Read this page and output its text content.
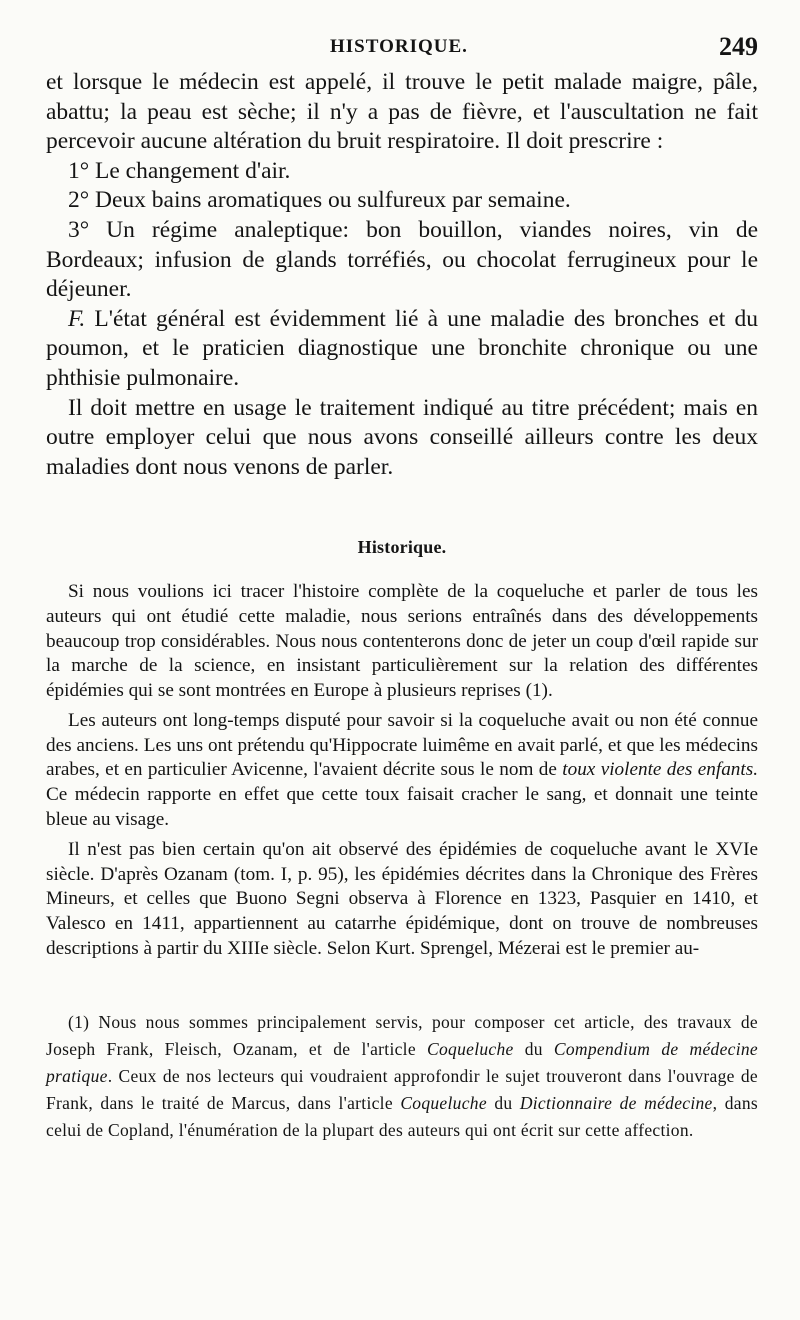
HISTORIQUE.	249

et lorsque le médecin est appelé, il trouve le petit malade maigre, pâle, abattu; la peau est sèche; il n'y a pas de fièvre, et l'auscultation ne fait percevoir aucune altération du bruit respiratoire. Il doit prescrire :

1° Le changement d'air.

2° Deux bains aromatiques ou sulfureux par semaine.

3° Un régime analeptique: bon bouillon, viandes noires, vin de Bordeaux; infusion de glands torréfiés, ou chocolat ferrugineux pour le déjeuner.

F. L'état général est évidemment lié à une maladie des bronches et du poumon, et le praticien diagnostique une bronchite chronique ou une phthisie pulmonaire.

Il doit mettre en usage le traitement indiqué au titre précédent; mais en outre employer celui que nous avons conseillé ailleurs contre les deux maladies dont nous venons de parler.

Historique.

Si nous voulions ici tracer l'histoire complète de la coqueluche et parler de tous les auteurs qui ont étudié cette maladie, nous serions entraînés dans des développements beaucoup trop considérables. Nous nous contenterons donc de jeter un coup d'œil rapide sur la marche de la science, en insistant particulièrement sur la relation des différentes épidémies qui se sont montrées en Europe à plusieurs reprises (1).

Les auteurs ont long-temps disputé pour savoir si la coqueluche avait ou non été connue des anciens. Les uns ont prétendu qu'Hippocrate luimême en avait parlé, et que les médecins arabes, et en particulier Avicenne, l'avaient décrite sous le nom de toux violente des enfants. Ce médecin rapporte en effet que cette toux faisait cracher le sang, et donnait une teinte bleue au visage.

Il n'est pas bien certain qu'on ait observé des épidémies de coqueluche avant le XVIe siècle. D'après Ozanam (tom. I, p. 95), les épidémies décrites dans la Chronique des Frères Mineurs, et celles que Buono Segni observa à Florence en 1323, Pasquier en 1410, et Valesco en 1411, appartiennent au catarrhe épidémique, dont on trouve de nombreuses descriptions à partir du XIIIe siècle. Selon Kurt. Sprengel, Mézerai est le premier au-

(1) Nous nous sommes principalement servis, pour composer cet article, des travaux de Joseph Frank, Fleisch, Ozanam, et de l'article Coqueluche du Compendium de médecine pratique. Ceux de nos lecteurs qui voudraient approfondir le sujet trouveront dans l'ouvrage de Frank, dans le traité de Marcus, dans l'article Coqueluche du Dictionnaire de médecine, dans celui de Copland, l'énumération de la plupart des auteurs qui ont écrit sur cette affection.
